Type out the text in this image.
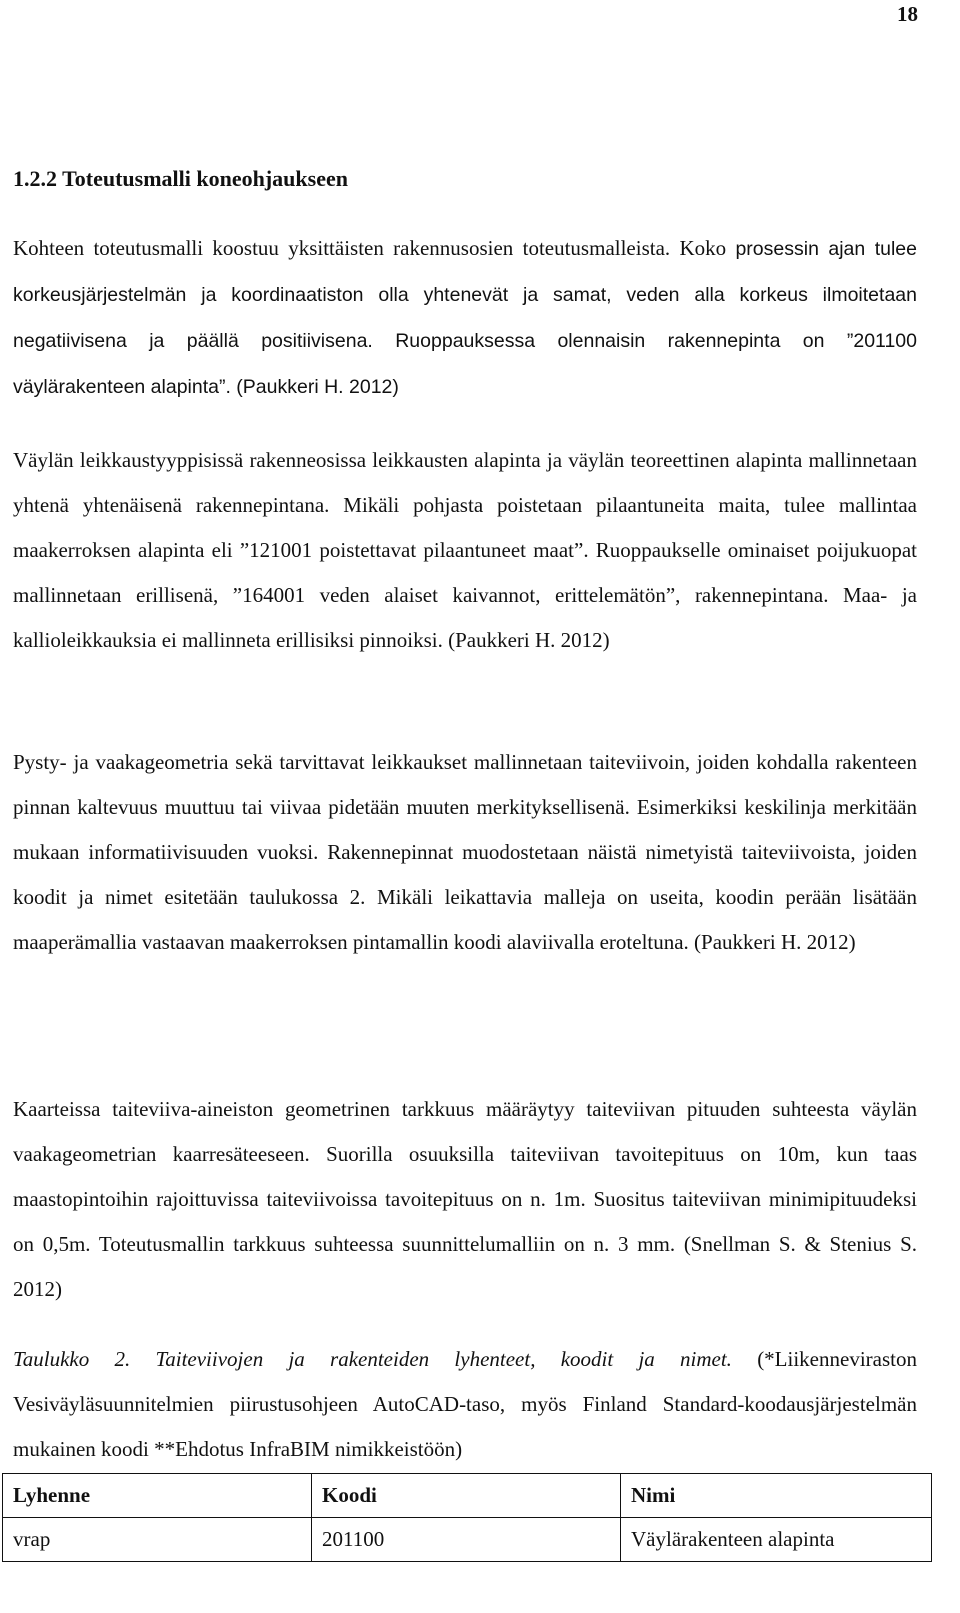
18
1.2.2 Toteutusmalli koneohjaukseen

Kohteen toteutusmalli koostuu yksittäisten rakennusosien toteutusmalleista. Koko prosessin ajan tulee korkeusjärjestelmän ja koordinaatiston olla yhtenevät ja samat, veden alla korkeus ilmoitetaan negatiivisena ja päällä positiivisena. Ruoppauksessa olennaisin rakennepinta on ”201100 väylärakenteen alapinta”. (Paukkeri H. 2012)

Väylän leikkaustyyppisissä rakenneosissa leikkausten alapinta ja väylän teoreettinen alapinta mallinnetaan yhtenä yhtenäisenä rakennepintana. Mikäli pohjasta poistetaan pilaantuneita maita, tulee mallintaa maakerroksen alapinta eli ”121001 poistettavat pilaantuneet maat”. Ruoppaukselle ominaiset poijukuopat mallinnetaan erillisenä, ”164001 veden alaiset kaivannot, erittelemätön”, rakennepintana. Maa- ja kallioleikkauksia ei mallinneta erillisiksi pinnoiksi. (Paukkeri H. 2012)

Pysty- ja vaakageometria sekä tarvittavat leikkaukset mallinnetaan taiteviivoin, joiden kohdalla rakenteen pinnan kaltevuus muuttuu tai viivaa pidetään muuten merkityksellisenä. Esimerkiksi keskilinja merkitään mukaan informatiivisuuden vuoksi. Rakennepinnat muodostetaan näistä nimetyistä taiteviivoista, joiden koodit ja nimet esitetään taulukossa 2. Mikäli leikattavia malleja on useita, koodin perään lisätään maaperämallia vastaavan maakerroksen pintamallin koodi alaviivalla eroteltuna. (Paukkeri H. 2012)

Kaarteissa taiteviiva-aineiston geometrinen tarkkuus määräytyy taiteviivan pituuden suhteesta väylän vaakageometrian kaarresäteeseen. Suorilla osuuksilla taiteviivan tavoitepituus on 10m, kun taas maastopintoihin rajoittuvissa taiteviivoissa tavoitepituus on n. 1m. Suositus taiteviivan minimipituudeksi on 0,5m. Toteutusmallin tarkkuus suhteessa suunnittelumalliin on n. 3 mm. (Snellman S. & Stenius S. 2012)

Taulukko 2. Taiteviivojen ja rakenteiden lyhenteet, koodit ja nimet. (*Liikenneviraston Vesiväyläsuunnitelmien piirustusohjeen AutoCAD-taso, myös Finland Standard-koodausjärjestelmän mukainen koodi **Ehdotus InfraBIM nimikkeistöön)

Lyhenne	Koodi	Nimi
vrap	201100	Väylärakenteen alapinta
